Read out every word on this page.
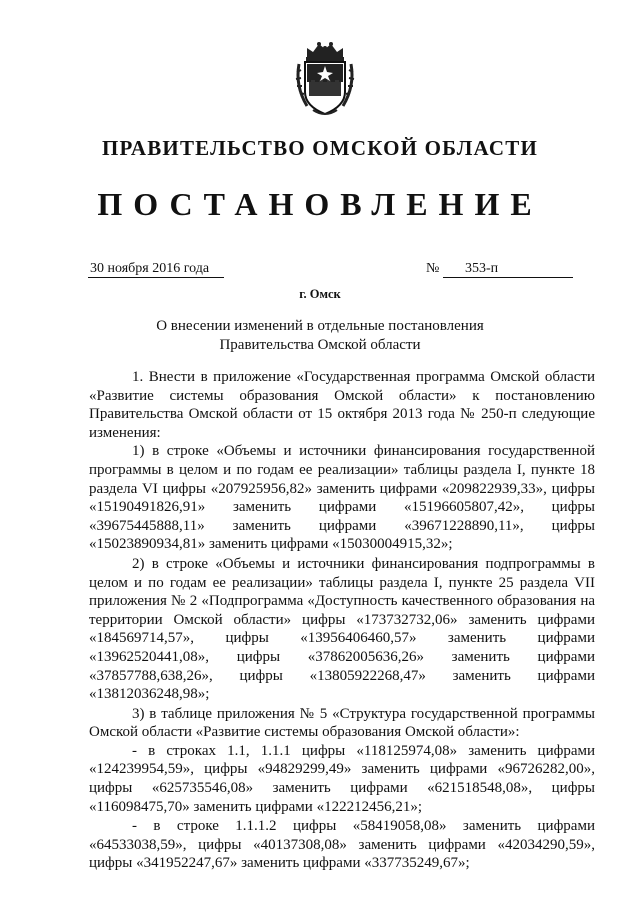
ПРАВИТЕЛЬСТВО ОМСКОЙ ОБЛАСТИ
ПОСТАНОВЛЕНИЕ
30 ноября 2016 года	№ 353-п
г. Омск
О внесении изменений в отдельные постановления Правительства Омской области

1. Внести в приложение «Государственная программа Омской области «Развитие системы образования Омской области» к постановлению Правительства Омской области от 15 октября 2013 года № 250-п следующие изменения:

1) в строке «Объемы и источники финансирования государственной программы в целом и по годам ее реализации» таблицы раздела I, пункте 18 раздела VI цифры «207925956,82» заменить цифрами «209822939,33», цифры «15190491826,91» заменить цифрами «15196605807,42», цифры «39675445888,11» заменить цифрами «39671228890,11», цифры «15023890934,81» заменить цифрами «15030004915,32»;

2) в строке «Объемы и источники финансирования подпрограммы в целом и по годам ее реализации» таблицы раздела I, пункте 25 раздела VII приложения № 2 «Подпрограмма «Доступность качественного образования на территории Омской области» цифры «173732732,06» заменить цифрами «184569714,57», цифры «13956406460,57» заменить цифрами «13962520441,08», цифры «37862005636,26» заменить цифрами «37857788,638,26», цифры «13805922268,47» заменить цифрами «13812036248,98»;

3) в таблице приложения № 5 «Структура государственной программы Омской области «Развитие системы образования Омской области»:

- в строках 1.1, 1.1.1 цифры «118125974,08» заменить цифрами «124239954,59», цифры «94829299,49» заменить цифрами «96726282,00», цифры «625735546,08» заменить цифрами «621518548,08», цифры «116098475,70» заменить цифрами «122212456,21»;

- в строке 1.1.1.2 цифры «58419058,08» заменить цифрами «64533038,59», цифры «40137308,08» заменить цифрами «42034290,59», цифры «341952247,67» заменить цифрами «337735249,67»;
